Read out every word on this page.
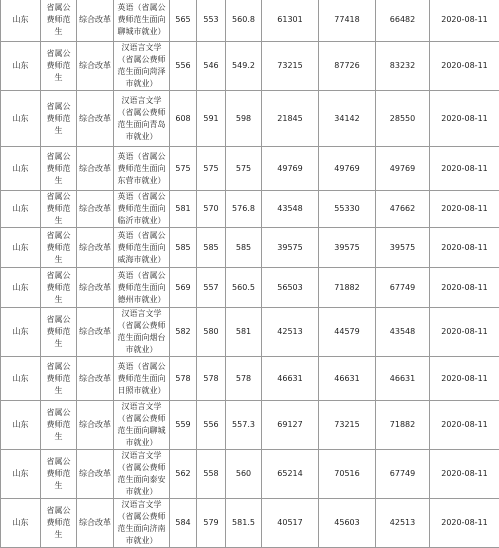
山东	省属公费师范生	综合改革	英语（省属公费师范生面向聊城市就业）	565	553	560.8	61301	77418	66482	2020-08-11
山东	省属公费师范生	综合改革	汉语言文学（省属公费师范生面向菏泽市就业）	556	546	549.2	73215	87726	83232	2020-08-11
山东	省属公费师范生	综合改革	汉语言文学（省属公费师范生面向青岛市就业）	608	591	598	21845	34142	28550	2020-08-11
山东	省属公费师范生	综合改革	英语（省属公费师范生面向东营市就业）	575	575	575	49769	49769	49769	2020-08-11
山东	省属公费师范生	综合改革	英语（省属公费师范生面向临沂市就业）	581	570	576.8	43548	55330	47662	2020-08-11
山东	省属公费师范生	综合改革	英语（省属公费师范生面向威海市就业）	585	585	585	39575	39575	39575	2020-08-11
山东	省属公费师范生	综合改革	英语（省属公费师范生面向德州市就业）	569	557	560.5	56503	71882	67749	2020-08-11
山东	省属公费师范生	综合改革	汉语言文学（省属公费师范生面向烟台市就业）	582	580	581	42513	44579	43548	2020-08-11
山东	省属公费师范生	综合改革	英语（省属公费师范生面向日照市就业）	578	578	578	46631	46631	46631	2020-08-11
山东	省属公费师范生	综合改革	汉语言文学（省属公费师范生面向聊城市就业）	559	556	557.3	69127	73215	71882	2020-08-11
山东	省属公费师范生	综合改革	汉语言文学（省属公费师范生面向泰安市就业）	562	558	560	65214	70516	67749	2020-08-11
山东	省属公费师范生	综合改革	汉语言文学（省属公费师范生面向济南市就业）	584	579	581.5	40517	45603	42513	2020-08-11
